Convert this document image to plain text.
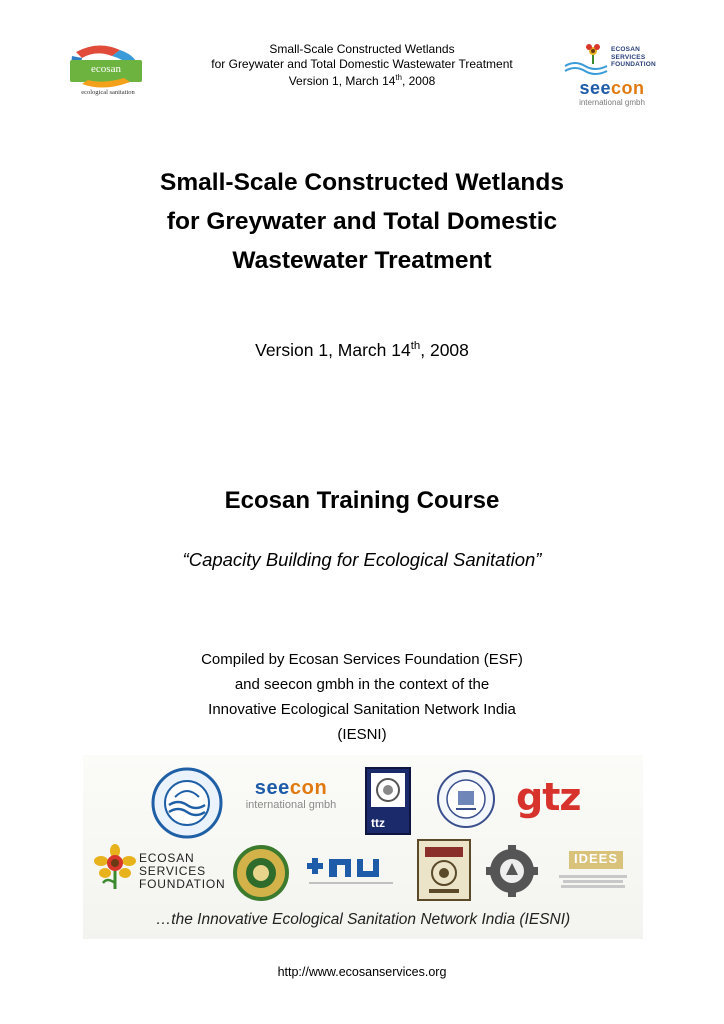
ecosan
ecological sanitation
Small-Scale Constructed Wetlands
for Greywater and Total Domestic Wastewater Treatment
Version 1, March 14th, 2008
ECOSAN
SERVICES
FOUNDATION
seecon
international gmbh
Small-Scale Constructed Wetlands
for Greywater and Total Domestic
Wastewater Treatment
Version 1, March 14th, 2008
Ecosan Training Course
“Capacity Building for Ecological Sanitation”
Compiled by Ecosan Services Foundation (ESF)
and seecon gmbh in the context of the
Innovative Ecological Sanitation Network India
(IESNI)
seecon
international gmbh
ttz
gtz
ECOSAN
SERVICES
FOUNDATION
IDEES
…the Innovative Ecological Sanitation Network India (IESNI)
http://www.ecosanservices.org
